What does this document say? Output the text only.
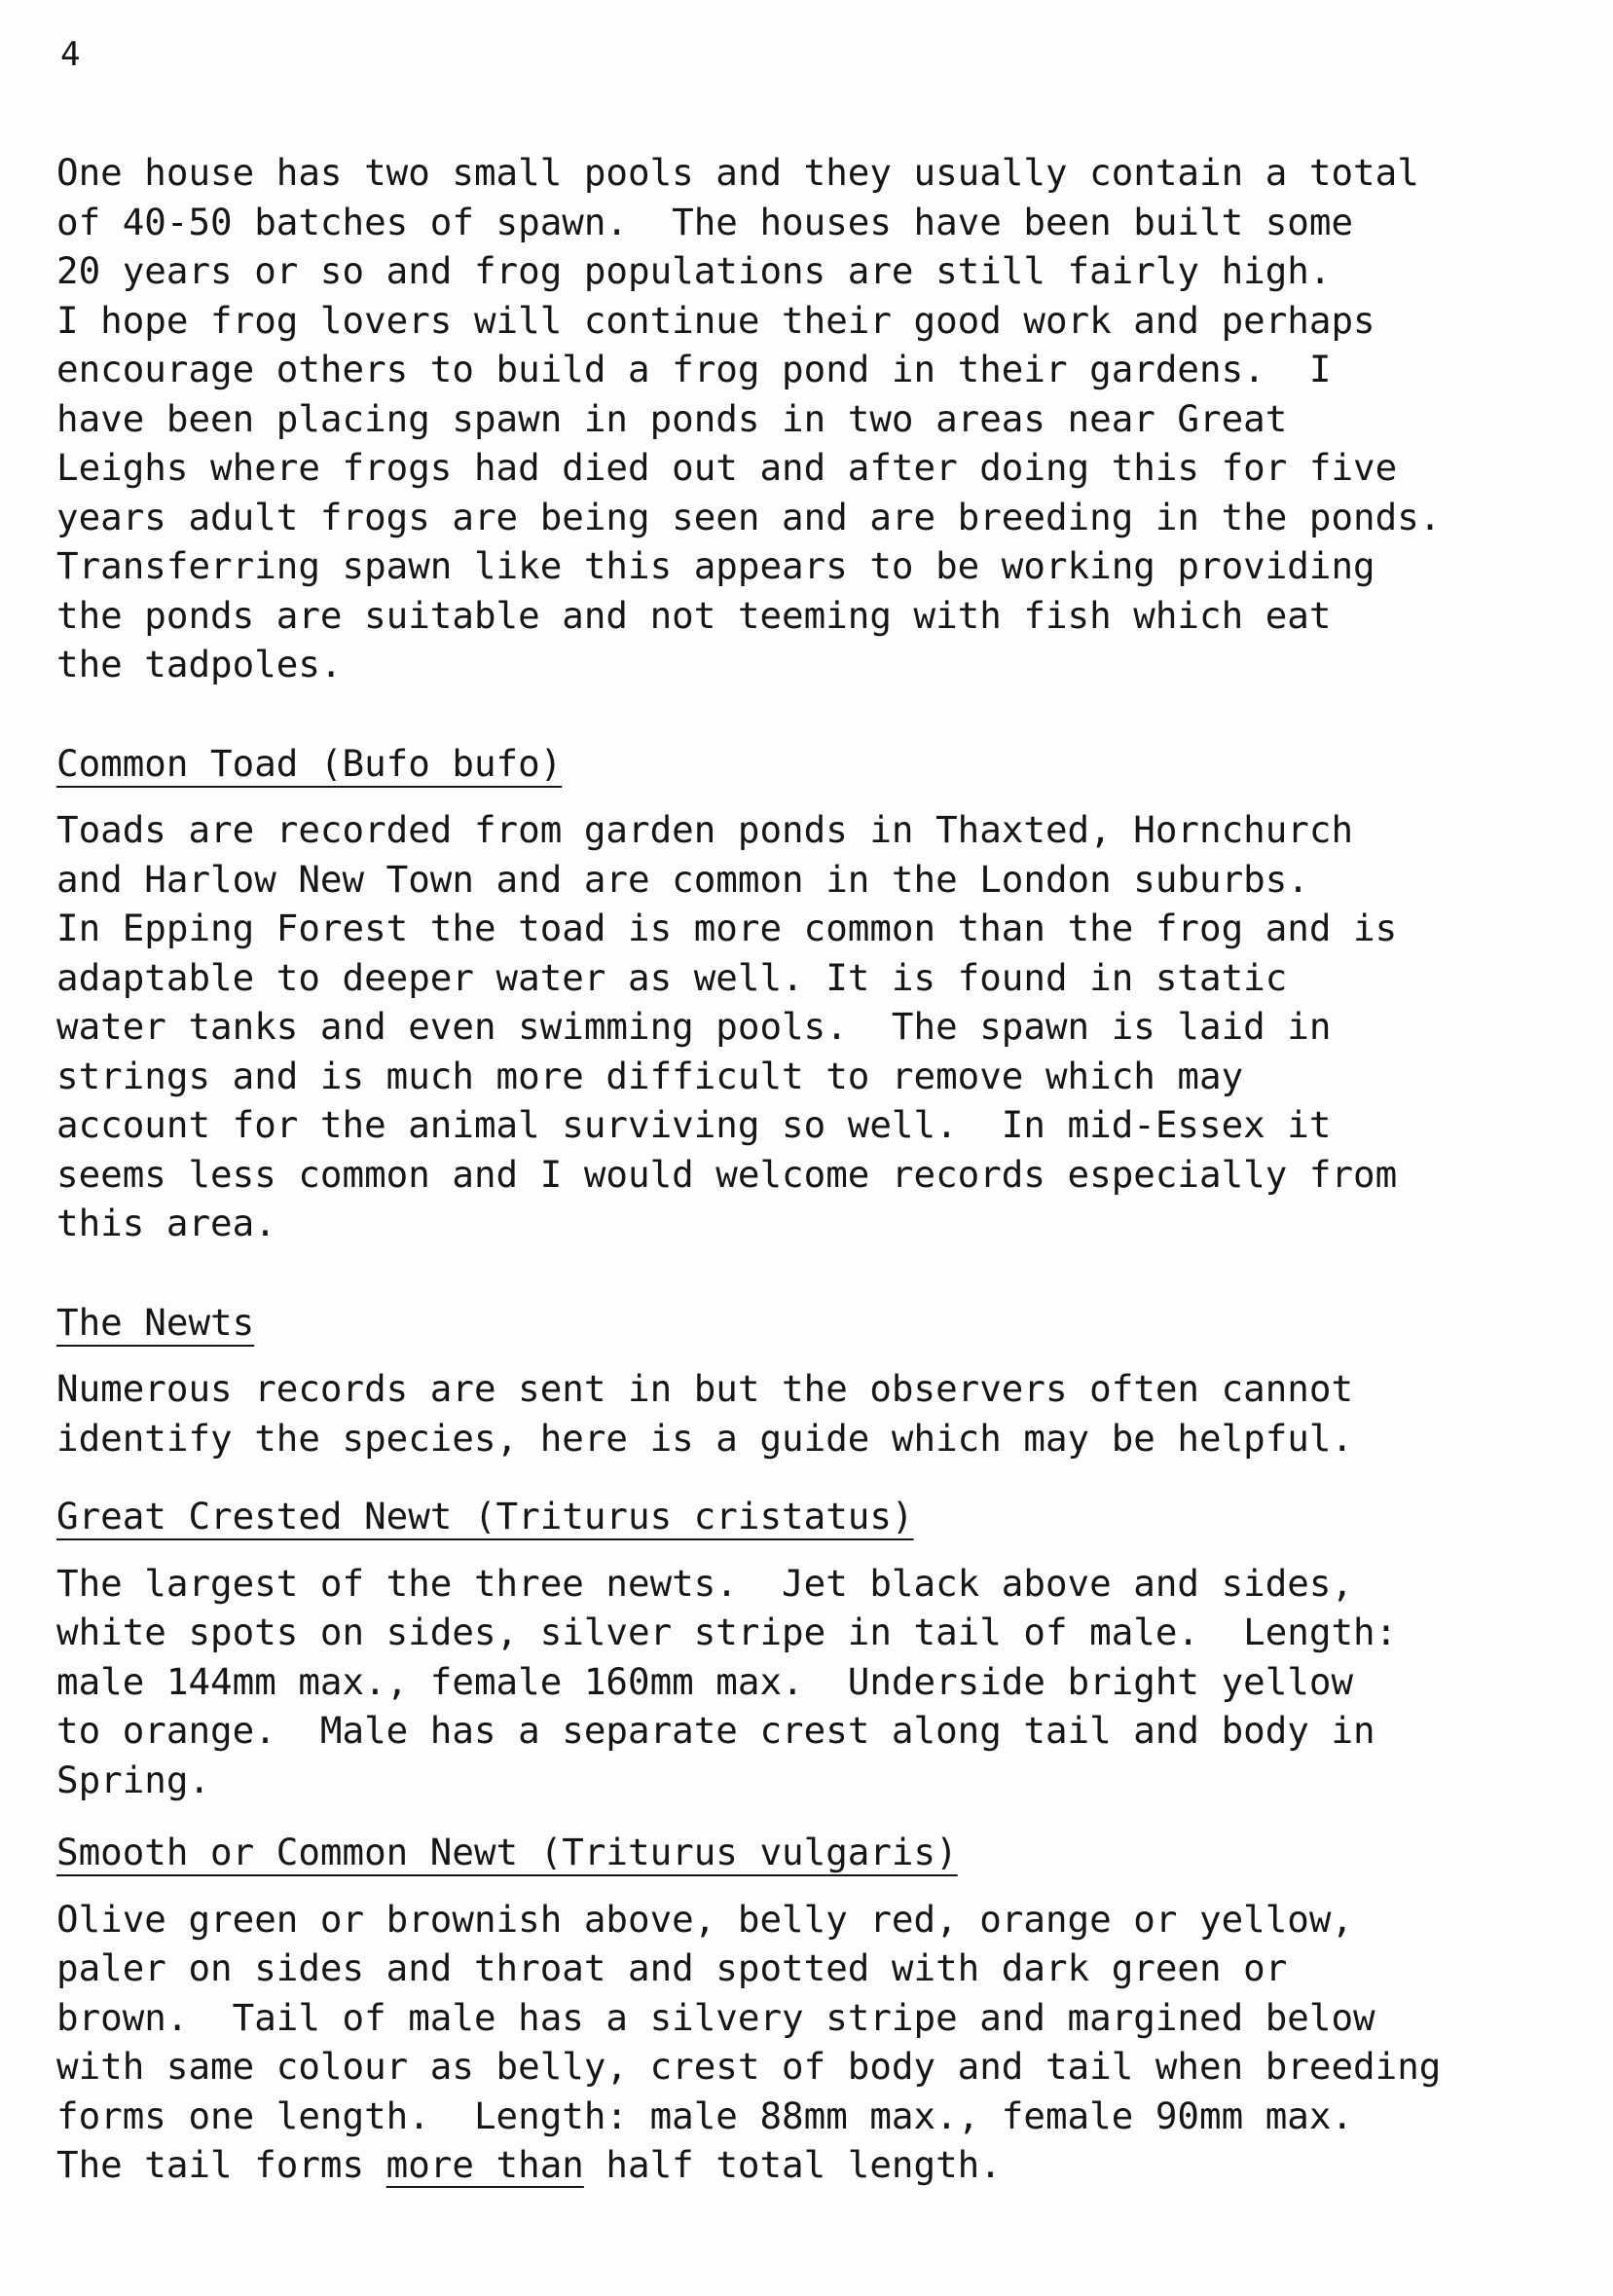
4
One house has two small pools and they usually contain a total
of 40-50 batches of spawn.  The houses have been built some
20 years or so and frog populations are still fairly high.
I hope frog lovers will continue their good work and perhaps
encourage others to build a frog pond in their gardens.  I
have been placing spawn in ponds in two areas near Great
Leighs where frogs had died out and after doing this for five
years adult frogs are being seen and are breeding in the ponds.
Transferring spawn like this appears to be working providing
the ponds are suitable and not teeming with fish which eat
the tadpoles.
Common Toad (Bufo bufo)
Toads are recorded from garden ponds in Thaxted, Hornchurch
and Harlow New Town and are common in the London suburbs.
In Epping Forest the toad is more common than the frog and is
adaptable to deeper water as well. It is found in static
water tanks and even swimming pools.  The spawn is laid in
strings and is much more difficult to remove which may
account for the animal surviving so well.  In mid-Essex it
seems less common and I would welcome records especially from
this area.
The Newts
Numerous records are sent in but the observers often cannot
identify the species, here is a guide which may be helpful.
Great Crested Newt (Triturus cristatus)
The largest of the three newts.  Jet black above and sides,
white spots on sides, silver stripe in tail of male.  Length:
male 144mm max., female 160mm max.  Underside bright yellow
to orange.  Male has a separate crest along tail and body in
Spring.
Smooth or Common Newt (Triturus vulgaris)
Olive green or brownish above, belly red, orange or yellow,
paler on sides and throat and spotted with dark green or
brown.  Tail of male has a silvery stripe and margined below
with same colour as belly, crest of body and tail when breeding
forms one length.  Length: male 88mm max., female 90mm max.
The tail forms more than half total length.
